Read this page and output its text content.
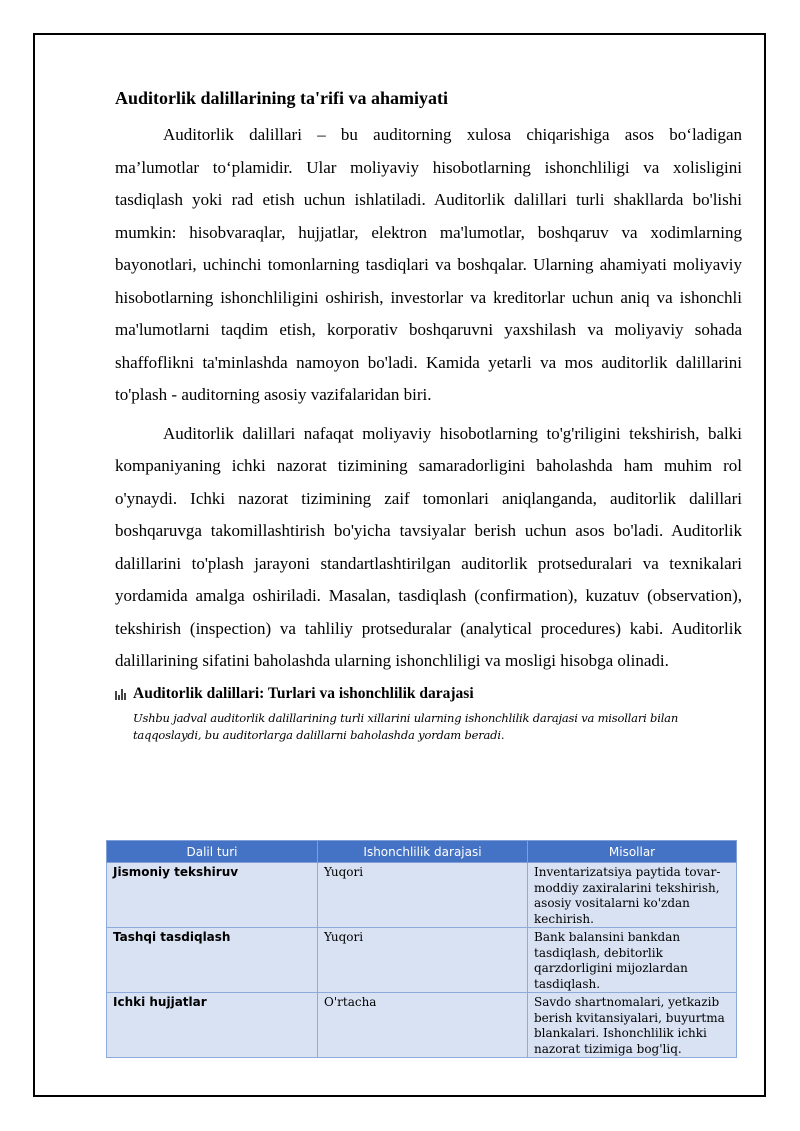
Auditorlik dalillarining ta'rifi va ahamiyati

Auditorlik dalillari – bu auditorning xulosa chiqarishiga asos bo‘ladigan ma’lumotlar to‘plamidir. Ular moliyaviy hisobotlarning ishonchliligi va xolisligini tasdiqlash yoki rad etish uchun ishlatiladi. Auditorlik dalillari turli shakllarda bo'lishi mumkin: hisobvaraqlar, hujjatlar, elektron ma'lumotlar, boshqaruv va xodimlarning bayonotlari, uchinchi tomonlarning tasdiqlari va boshqalar. Ularning ahamiyati moliyaviy hisobotlarning ishonchliligini oshirish, investorlar va kreditorlar uchun aniq va ishonchli ma'lumotlarni taqdim etish, korporativ boshqaruvni yaxshilash va moliyaviy sohada shaffoflikni ta'minlashda namoyon bo'ladi. Kamida yetarli va mos auditorlik dalillarini to'plash - auditorning asosiy vazifalaridan biri.

Auditorlik dalillari nafaqat moliyaviy hisobotlarning to'g'riligini tekshirish, balki kompaniyaning ichki nazorat tizimining samaradorligini baholashda ham muhim rol o'ynaydi. Ichki nazorat tizimining zaif tomonlari aniqlanganda, auditorlik dalillari boshqaruvga takomillashtirish bo'yicha tavsiyalar berish uchun asos bo'ladi. Auditorlik dalillarini to'plash jarayoni standartlashtirilgan auditorlik protseduralari va texnikalari yordamida amalga oshiriladi. Masalan, tasdiqlash (confirmation), kuzatuv (observation), tekshirish (inspection) va tahliliy protseduralar (analytical procedures) kabi. Auditorlik dalillarining sifatini baholashda ularning ishonchliligi va mosligi hisobga olinadi.

Auditorlik dalillari: Turlari va ishonchlilik darajasi
Ushbu jadval auditorlik dalillarining turli xillarini ularning ishonchlilik darajasi va misollari bilan taqqoslaydi, bu auditorlarga dalillarni baholashda yordam beradi.
Dalil turi	Ishonchlilik darajasi	Misollar
Jismoniy tekshiruv	Yuqori	Inventarizatsiya paytida tovar-moddiy zaxiralarini tekshirish, asosiy vositalarni ko'zdan kechirish.
Tashqi tasdiqlash	Yuqori	Bank balansini bankdan tasdiqlash, debitorlik qarzdorligini mijozlardan tasdiqlash.
Ichki hujjatlar	O'rtacha	Savdo shartnomalari, yetkazib berish kvitansiyalari, buyurtma blankalari. Ishonchlilik ichki nazorat tizimiga bog'liq.
